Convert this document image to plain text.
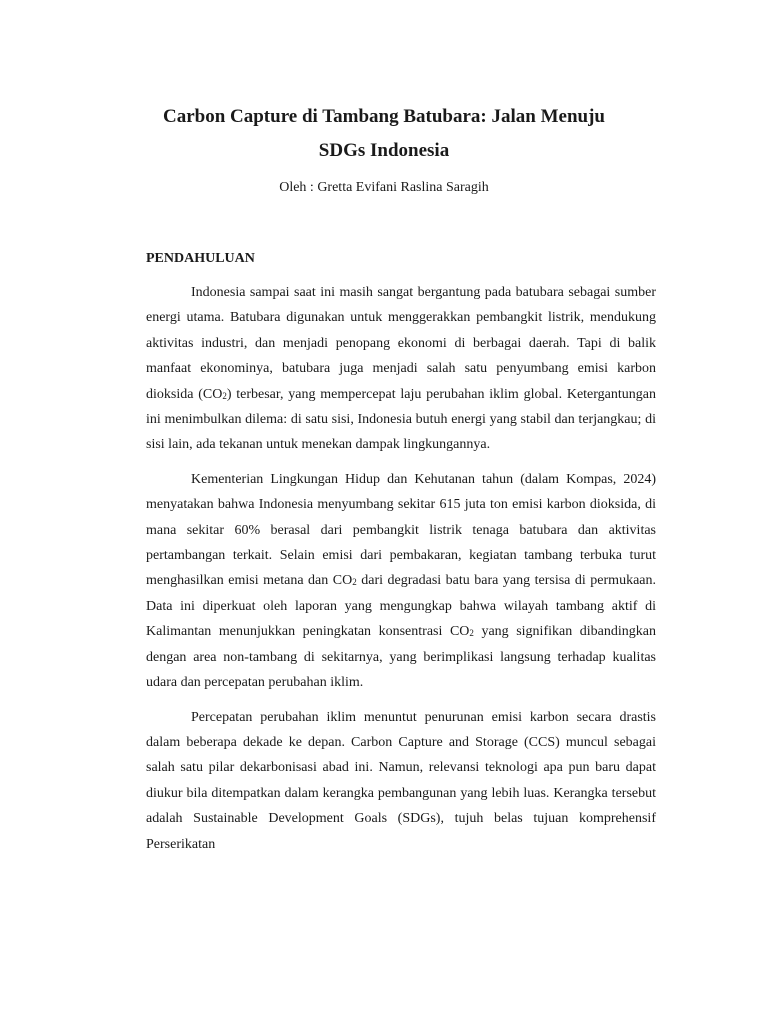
Carbon Capture di Tambang Batubara: Jalan Menuju
SDGs Indonesia

Oleh : Gretta Evifani Raslina Saragih

PENDAHULUAN

Indonesia sampai saat ini masih sangat bergantung pada batubara sebagai sumber energi utama. Batubara digunakan untuk menggerakkan pembangkit listrik, mendukung aktivitas industri, dan menjadi penopang ekonomi di berbagai daerah. Tapi di balik manfaat ekonominya, batubara juga menjadi salah satu penyumbang emisi karbon dioksida $(CO_2)$ terbesar, yang mempercepat laju perubahan iklim global. Ketergantungan ini menimbulkan dilema: di satu sisi, Indonesia butuh energi yang stabil dan terjangkau; di sisi lain, ada tekanan untuk menekan dampak lingkungannya.

Kementerian Lingkungan Hidup dan Kehutanan tahun (dalam Kompas, 2024) menyatakan bahwa Indonesia menyumbang sekitar 615 juta ton emisi karbon dioksida, di mana sekitar 60% berasal dari pembangkit listrik tenaga batubara dan aktivitas pertambangan terkait. Selain emisi dari pembakaran, kegiatan tambang terbuka turut menghasilkan emisi metana dan $CO_2$ dari degradasi batu bara yang tersisa di permukaan. Data ini diperkuat oleh laporan yang mengungkap bahwa wilayah tambang aktif di Kalimantan menunjukkan peningkatan konsentrasi $CO_2$ yang signifikan dibandingkan dengan area non-tambang di sekitarnya, yang berimplikasi langsung terhadap kualitas udara dan percepatan perubahan iklim.

Percepatan perubahan iklim menuntut penurunan emisi karbon secara drastis dalam beberapa dekade ke depan. Carbon Capture and Storage (CCS) muncul sebagai salah satu pilar dekarbonisasi abad ini. Namun, relevansi teknologi apa pun baru dapat diukur bila ditempatkan dalam kerangka pembangunan yang lebih luas. Kerangka tersebut adalah Sustainable Development Goals (SDGs), tujuh belas tujuan komprehensif Perserikatan
